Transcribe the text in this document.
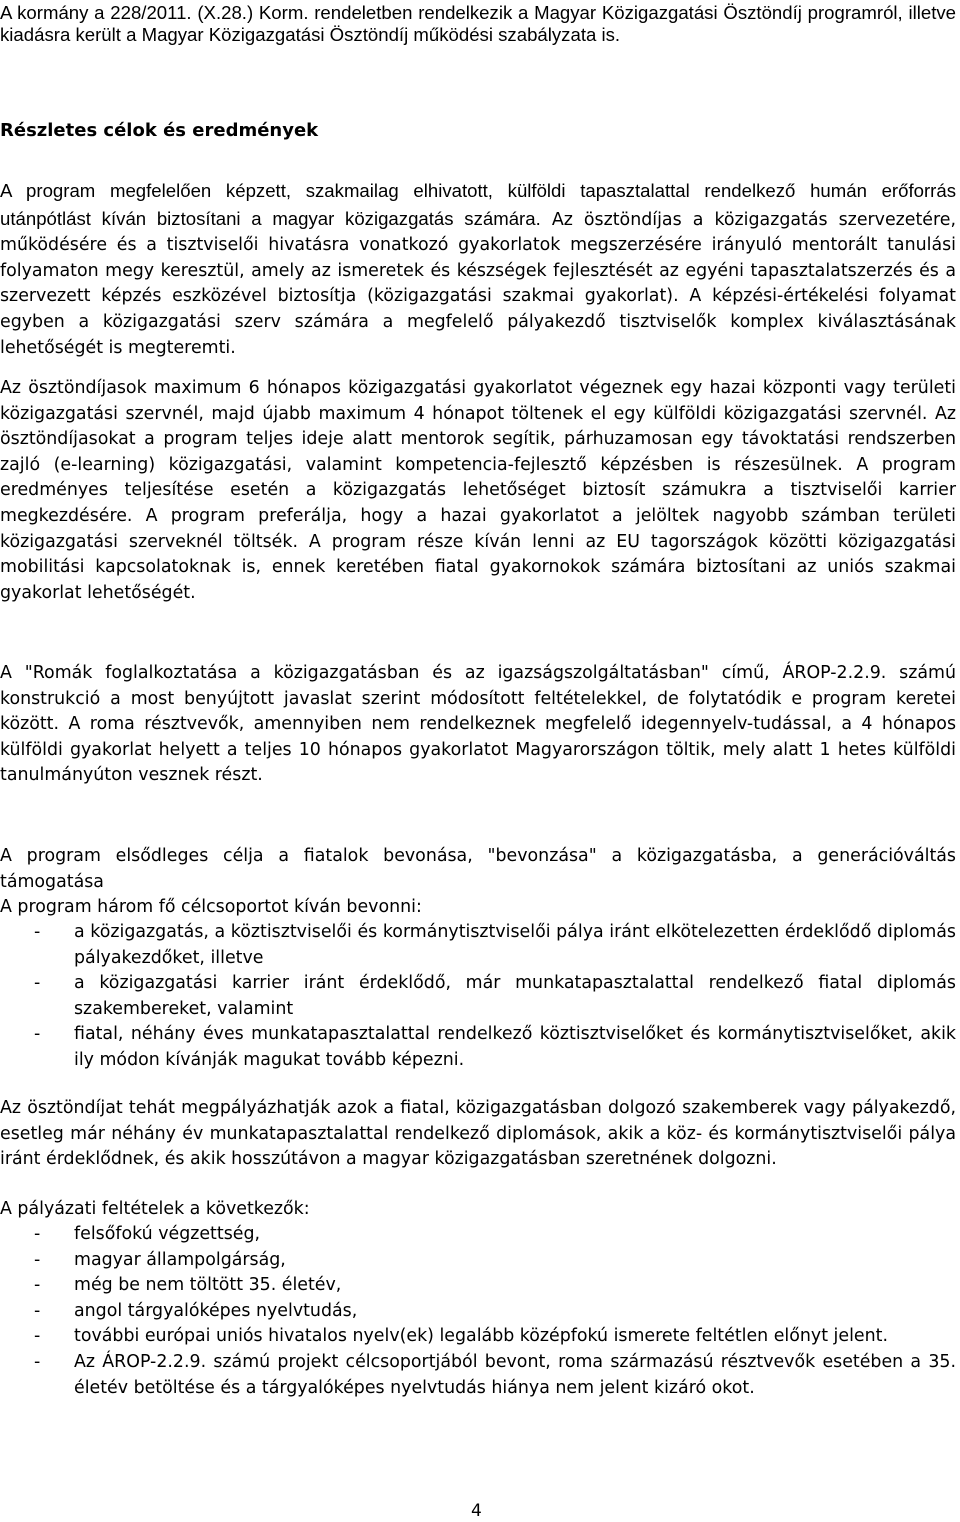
A kormány a 228/2011. (X.28.) Korm. rendeletben rendelkezik a Magyar Közigazgatási Ösztöndíj programról, illetve kiadásra került a Magyar Közigazgatási Ösztöndíj működési szabályzata is.

Részletes célok és eredmények

A program megfelelően képzett, szakmailag elhivatott, külföldi tapasztalattal rendelkező humán erőforrás utánpótlást kíván biztosítani a magyar közigazgatás számára. Az ösztöndíjas a közigazgatás szervezetére, működésére és a tisztviselői hivatásra vonatkozó gyakorlatok megszerzésére irányuló mentorált tanulási folyamaton megy keresztül, amely az ismeretek és készségek fejlesztését az egyéni tapasztalatszerzés és a szervezett képzés eszközével biztosítja (közigazgatási szakmai gyakorlat). A képzési-értékelési folyamat egyben a közigazgatási szerv számára a megfelelő pályakezdő tisztviselők komplex kiválasztásának lehetőségét is megteremti.

Az ösztöndíjasok maximum 6 hónapos közigazgatási gyakorlatot végeznek egy hazai központi vagy területi közigazgatási szervnél, majd újabb maximum 4 hónapot töltenek el egy külföldi közigazgatási szervnél. Az ösztöndíjasokat a program teljes ideje alatt mentorok segítik, párhuzamosan egy távoktatási rendszerben zajló (e-learning) közigazgatási, valamint kompetencia-fejlesztő képzésben is részesülnek. A program eredményes teljesítése esetén a közigazgatás lehetőséget biztosít számukra a tisztviselői karrier megkezdésére. A program preferálja, hogy a hazai gyakorlatot a jelöltek nagyobb számban területi közigazgatási szerveknél töltsék. A program része kíván lenni az EU tagországok közötti közigazgatási mobilitási kapcsolatoknak is, ennek keretében fiatal gyakornokok számára biztosítani az uniós szakmai gyakorlat lehetőségét.

A "Romák foglalkoztatása a közigazgatásban és az igazságszolgáltatásban" című, ÁROP-2.2.9. számú konstrukció a most benyújtott javaslat szerint módosított feltételekkel, de folytatódik e program keretei között. A roma résztvevők, amennyiben nem rendelkeznek megfelelő idegennyelv-tudással, a 4 hónapos külföldi gyakorlat helyett a teljes 10 hónapos gyakorlatot Magyarországon töltik, mely alatt 1 hetes külföldi tanulmányúton vesznek részt.

A program elsődleges célja a fiatalok bevonása, "bevonzása" a közigazgatásba, a generációváltás támogatása

A program három fő célcsoportot kíván bevonni:

- a közigazgatás, a köztisztviselői és kormánytisztviselői pálya iránt elkötelezetten érdeklődő diplomás pályakezdőket, illetve
- a közigazgatási karrier iránt érdeklődő, már munkatapasztalattal rendelkező fiatal diplomás szakembereket, valamint
- fiatal, néhány éves munkatapasztalattal rendelkező köztisztviselőket és kormánytisztviselőket, akik ily módon kívánják magukat tovább képezni.

Az ösztöndíjat tehát megpályázhatják azok a fiatal, közigazgatásban dolgozó szakemberek vagy pályakezdő, esetleg már néhány év munkatapasztalattal rendelkező diplomások, akik a köz- és kormánytisztviselői pálya iránt érdeklődnek, és akik hosszútávon a magyar közigazgatásban szeretnének dolgozni.

A pályázati feltételek a következők:

- felsőfokú végzettség,
- magyar állampolgárság,
- még be nem töltött 35. életév,
- angol tárgyalóképes nyelvtudás,
- további európai uniós hivatalos nyelv(ek) legalább középfokú ismerete feltétlen előnyt jelent.
- Az ÁROP-2.2.9. számú projekt célcsoportjából bevont, roma származású résztvevők esetében a 35. életév betöltése és a tárgyalóképes nyelvtudás hiánya nem jelent kizáró okot.
4
